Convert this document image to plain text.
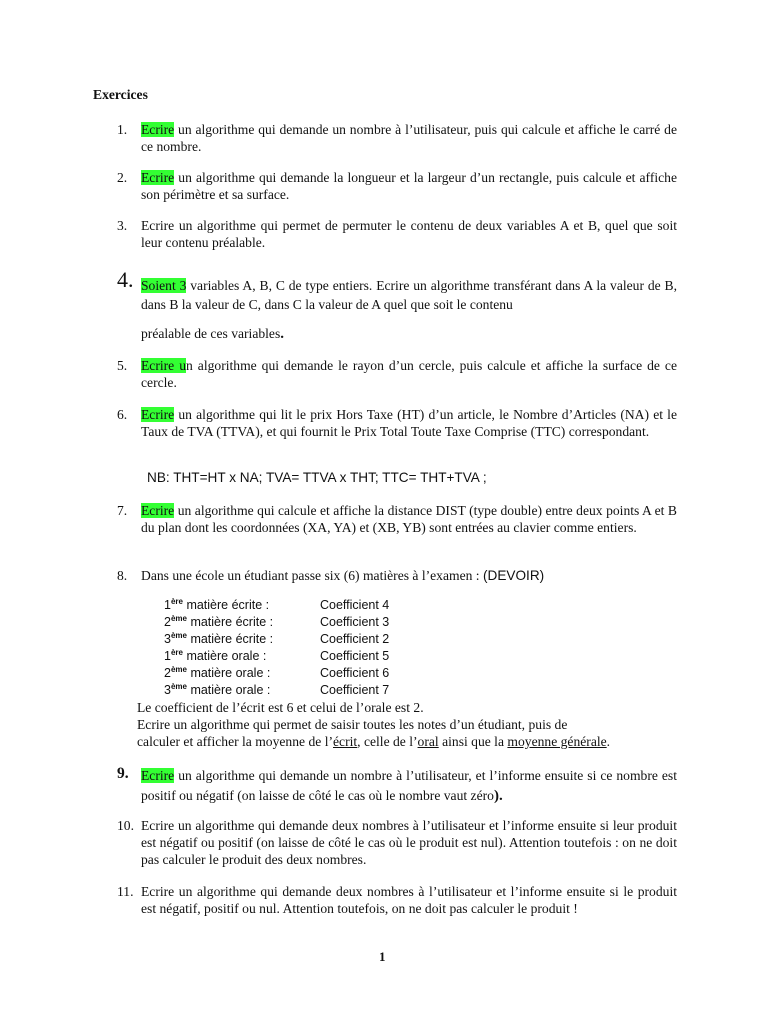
Exercices
1.	Ecrire un algorithme qui demande un nombre à l’utilisateur, puis qui calcule et affiche le carré de ce nombre.
2.	Ecrire un algorithme qui demande la longueur et la largeur d’un rectangle, puis calcule et affiche son périmètre et sa surface.
3.	Ecrire un algorithme qui permet de permuter le contenu de deux variables A et B, quel que soit leur contenu préalable.
4. Soient 3 variables A, B, C de type entiers. Ecrire un algorithme transférant dans A la valeur de B, dans B la valeur de C, dans C la valeur de A quel que soit le contenu
préalable de ces variables.
5.	Ecrire un algorithme qui demande le rayon d’un cercle, puis calcule et affiche la surface de ce cercle.
6.	Ecrire un algorithme qui lit le prix Hors Taxe (HT) d’un article, le Nombre d’Articles (NA) et le Taux de TVA (TTVA), et qui fournit le Prix Total Toute Taxe Comprise (TTC) correspondant.
NB: THT=HT x NA; TVA= TTVA x THT; TTC= THT+TVA ;
7.	Ecrire un algorithme qui calcule et affiche la distance DIST (type double) entre deux points A et B du plan dont les coordonnées (XA, YA) et (XB, YB) sont entrées au clavier comme entiers.
8.	Dans une école un étudiant passe six (6) matières à l’examen : (DEVOIR)
1ère matière écrite :	Coefficient 4
2ème matière écrite :	Coefficient 3
3ème matière écrite :	Coefficient 2
1ère matière orale :	Coefficient 5
2ème matière orale :	Coefficient 6
3ème matière orale :	Coefficient 7
Le coefficient de l’écrit est 6 et celui de l’orale est 2.
Ecrire un algorithme qui permet de saisir toutes les notes d’un étudiant, puis de
calculer et afficher la moyenne de l’écrit, celle de l’oral ainsi que la moyenne générale.
9. Ecrire un algorithme qui demande un nombre à l’utilisateur, et l’informe ensuite si ce nombre est positif ou négatif (on laisse de côté le cas où le nombre vaut zéro).
10. Ecrire un algorithme qui demande deux nombres à l’utilisateur et l’informe ensuite si leur produit est négatif ou positif (on laisse de côté le cas où le produit est nul). Attention toutefois : on ne doit pas calculer le produit des deux nombres.
11. Ecrire un algorithme qui demande deux nombres à l’utilisateur et l’informe ensuite si le produit est négatif, positif ou nul. Attention toutefois, on ne doit pas calculer le produit !
1
